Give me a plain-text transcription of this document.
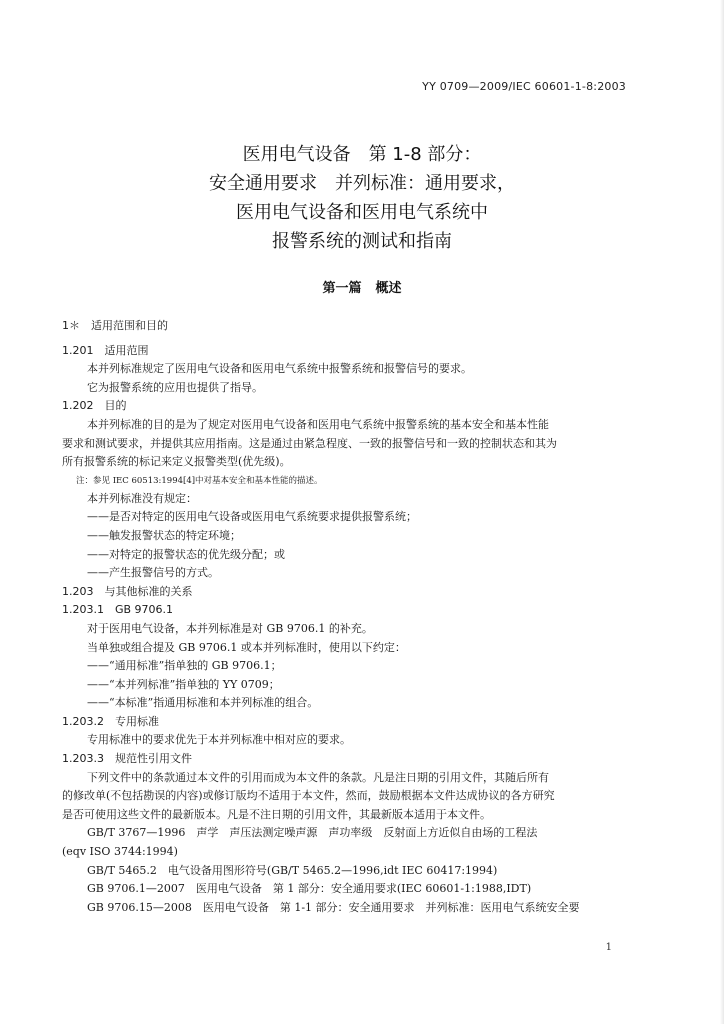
YY 0709—2009/IEC 60601-1-8:2003
医用电气设备　第 1-8 部分：
安全通用要求　并列标准：通用要求，
医用电气设备和医用电气系统中
报警系统的测试和指南
第一篇 概述
1＊　适用范围和目的
1.201　适用范围
本并列标准规定了医用电气设备和医用电气系统中报警系统和报警信号的要求。
它为报警系统的应用也提供了指导。
1.202　目的
本并列标准的目的是为了规定对医用电气设备和医用电气系统中报警系统的基本安全和基本性能
要求和测试要求，并提供其应用指南。这是通过由紧急程度、一致的报警信号和一致的控制状态和其为
所有报警系统的标记来定义报警类型(优先级)。
注：参见 IEC 60513:1994[4]中对基本安全和基本性能的描述。
本并列标准没有规定：
——是否对特定的医用电气设备或医用电气系统要求提供报警系统；
——触发报警状态的特定环境；
——对特定的报警状态的优先级分配；或
——产生报警信号的方式。
1.203　与其他标准的关系
1.203.1　GB 9706.1
对于医用电气设备，本并列标准是对 GB 9706.1 的补充。
当单独或组合提及 GB 9706.1 或本并列标准时，使用以下约定：
——“通用标准”指单独的 GB 9706.1；
——“本并列标准”指单独的 YY 0709；
——“本标准”指通用标准和本并列标准的组合。
1.203.2　专用标准
专用标准中的要求优先于本并列标准中相对应的要求。
1.203.3　规范性引用文件
下列文件中的条款通过本文件的引用而成为本文件的条款。凡是注日期的引用文件，其随后所有
的修改单(不包括勘误的内容)或修订版均不适用于本文件，然而，鼓励根据本文件达成协议的各方研究
是否可使用这些文件的最新版本。凡是不注日期的引用文件，其最新版本适用于本文件。
GB/T 3767—1996　声学　声压法测定噪声源　声功率级　反射面上方近似自由场的工程法
(eqv ISO 3744:1994)
GB/T 5465.2　电气设备用图形符号(GB/T 5465.2—1996,idt IEC 60417:1994)
GB 9706.1—2007　医用电气设备　第 1 部分：安全通用要求(IEC 60601-1:1988,IDT)
GB 9706.15—2008　医用电气设备　第 1-1 部分：安全通用要求　并列标准：医用电气系统安全要
1
